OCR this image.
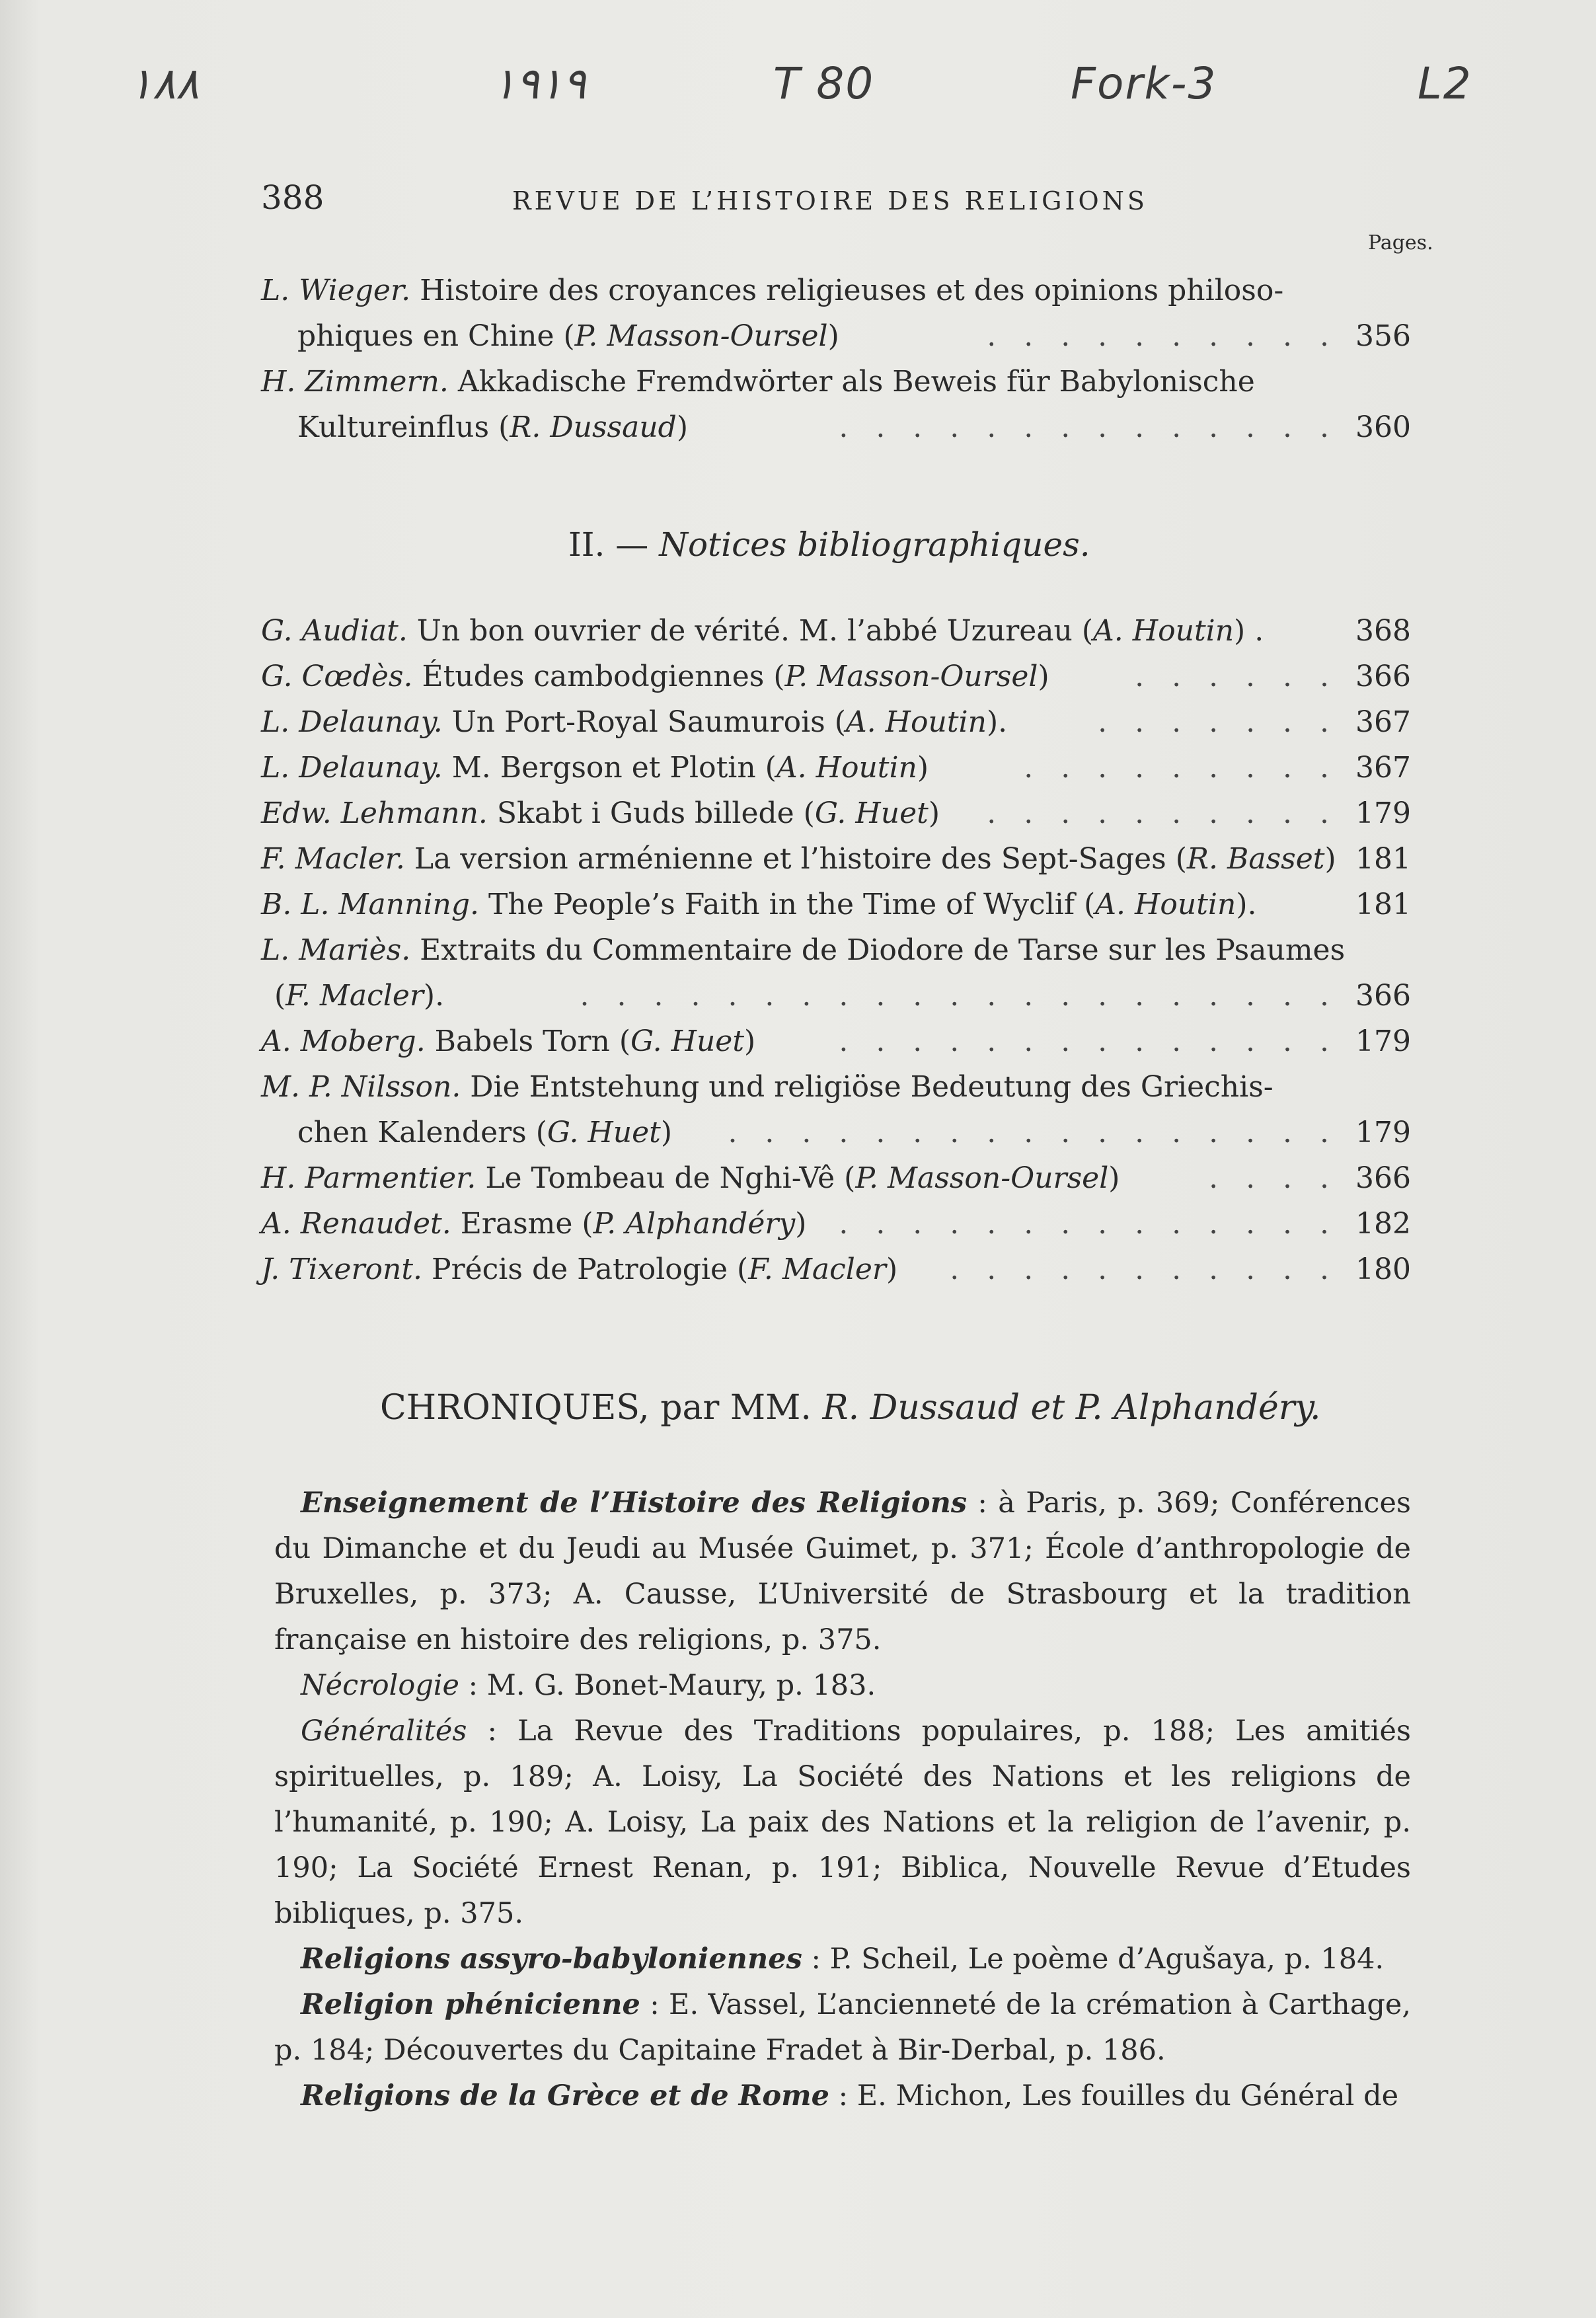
١٨٨	١٩١٩	T 80	Fork​-3	L2
388	REVUE DE L’HISTOIRE DES RELIGIONS
Pages.
L. Wieger. Histoire des croyances religieuses et des opinions philoso-
phiques en Chine (P. Masson-Oursel)	. . . . . . . . . . 356
H. Zimmern. Akkadische Fremdwörter als Beweis für Babylonische
Kultureinflus (R. Dussaud)	. . . . . . . . . . . . . . 360
II. — Notices bibliographiques.
G. Audiat. Un bon ouvrier de vérité. M. l’abbé Uzureau (A. Houtin) .	368
G. Cœdès. Études cambodgiennes (P. Masson-Oursel)	. . . . . . 366
L. Delaunay. Un Port-Royal Saumurois (A. Houtin).	. . . . . . . 367
L. Delaunay. M. Bergson et Plotin (A. Houtin)	. . . . . . . . . 367
Edw. Lehmann. Skabt i Guds billede (G. Huet) . . . . . . . . . . 179
F. Macler. La version arménienne et l’histoire des Sept-Sages (R. Basset) 181
B. L. Manning. The People’s Faith in the Time of Wyclif (A. Houtin).	181
L. Mariès. Extraits du Commentaire de Diodore de Tarse sur les Psaumes
(F. Macler).	. . . . . . . . . . . . . . . . . . . . . 366
A. Moberg. Babels Torn (G. Huet)	. . . . . . . . . . . . . . 179
M. P. Nilsson. Die Entstehung und religiöse Bedeutung des Griechis-
chen Kalenders (G. Huet) . . . . . . . . . . . . . . . . . 179
H. Parmentier. Le Tombeau de Nghi-Vê (P. Masson-Oursel)	. . . . 366
A. Renaudet. Erasme (P. Alphandéry) . . . . . . . . . . . . . . 182
J. Tixeront. Précis de Patrologie (F. Macler) . . . . . . . . . . . 180
CHRONIQUES, par MM. R. Dussaud et P. Alphandéry.

Enseignement de l’Histoire des Religions : à Paris, p. 369; Conférences du Dimanche et du Jeudi au Musée Guimet, p. 371; École d’anthropologie de Bruxelles, p. 373; A. Causse, L’Université de Strasbourg et la tradition française en histoire des religions, p. 375.

Nécrologie : M. G. Bonet-Maury, p. 183.

Généralités : La Revue des Traditions populaires, p. 188; Les amitiés spirituelles, p. 189; A. Loisy, La Société des Nations et les religions de l’humanité, p. 190; A. Loisy, La paix des Nations et la religion de l’avenir, p. 190; La Société Ernest Renan, p. 191; Biblica, Nouvelle Revue d’Etudes bibliques, p. 375.

Religions assyro-babyloniennes : P. Scheil, Le poème d’Agušaya, p. 184.

Religion phénicienne : E. Vassel, L’ancienneté de la crémation à Carthage, p. 184; Découvertes du Capitaine Fradet à Bir-Derbal, p. 186.

Religions de la Grèce et de Rome : E. Michon, Les fouilles du Général de
